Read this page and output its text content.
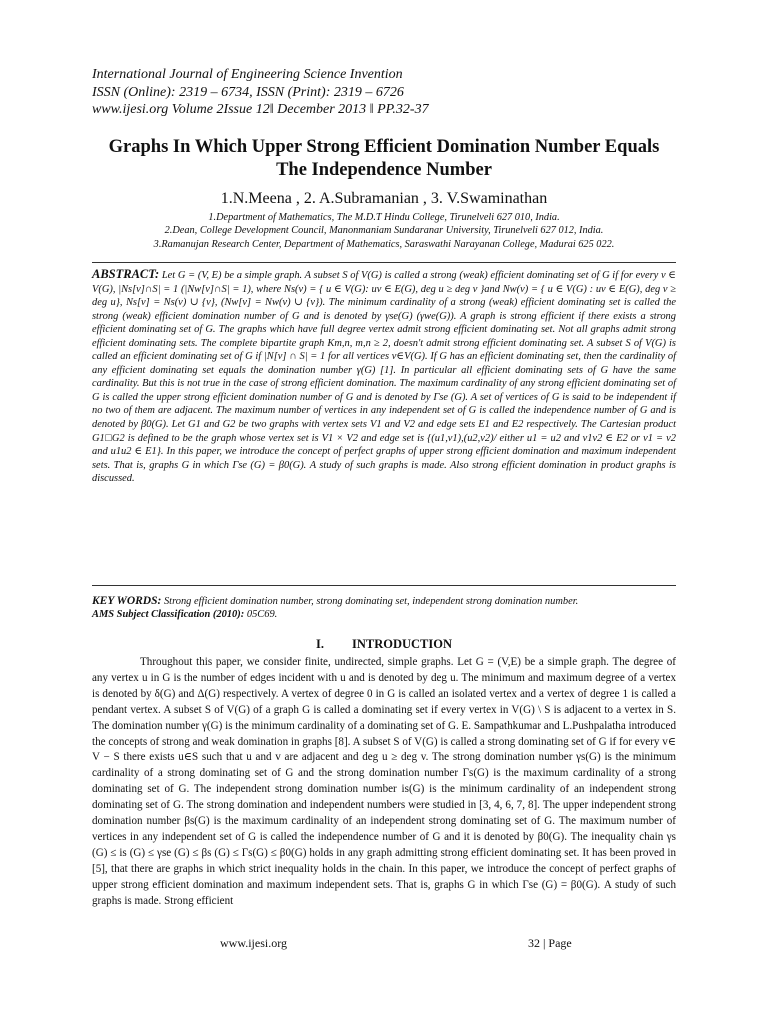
International Journal of Engineering Science Invention
ISSN (Online): 2319 – 6734, ISSN (Print): 2319 – 6726
www.ijesi.org Volume 2Issue 12‖ December 2013 ‖ PP.32-37
Graphs In Which Upper Strong Efficient Domination Number Equals The Independence Number
1.N.Meena , 2. A.Subramanian , 3. V.Swaminathan
1.Department of Mathematics, The M.D.T Hindu College, Tirunelveli 627 010, India.
2.Dean, College Development Council, Manonmaniam Sundaranar University, Tirunelveli 627 012, India.
3.Ramanujan Research Center, Department of Mathematics, Saraswathi Narayanan College, Madurai 625 022.
ABSTRACT: Let G = (V, E) be a simple graph. A subset S of V(G) is called a strong (weak) efficient dominating set of G if for every v ∈ V(G), |Ns[v]∩S| = 1 (|Nw[v]∩S| = 1), where Ns(v) = { u ∈ V(G): uv ∈ E(G), deg u ≥ deg v }and Nw(v) = { u ∈ V(G) : uv ∈ E(G), deg v ≥ deg u}, Ns[v] = Ns(v) ∪ {v}, (Nw[v] = Nw(v) ∪ {v}). The minimum cardinality of a strong (weak) efficient dominating set is called the strong (weak) efficient domination number of G and is denoted by γse(G) (γwe(G)). A graph is strong efficient if there exists a strong efficient dominating set of G. The graphs which have full degree vertex admit strong efficient dominating set. Not all graphs admit strong efficient dominating sets. The complete bipartite graph Km,n, m,n ≥ 2, doesn't admit strong efficient dominating set. A subset S of V(G) is called an efficient dominating set of G if |N[v] ∩ S| = 1 for all vertices v∈V(G). If G has an efficient dominating set, then the cardinality of any efficient dominating set equals the domination number γ(G) [1]. In particular all efficient dominating sets of G have the same cardinality. But this is not true in the case of strong efficient domination. The maximum cardinality of any strong efficient dominating set of G is called the upper strong efficient domination number of G and is denoted by Γse (G). A set of vertices of G is said to be independent if no two of them are adjacent. The maximum number of vertices in any independent set of G is called the independence number of G and is denoted by β0(G). Let G1 and G2 be two graphs with vertex sets V1 and V2 and edge sets E1 and E2 respectively. The Cartesian product G1□G2 is defined to be the graph whose vertex set is V1 × V2 and edge set is {(u1,v1),(u2,v2)/ either u1 = u2 and v1v2 ∈ E2 or v1 = v2 and u1u2 ∈ E1}. In this paper, we introduce the concept of perfect graphs of upper strong efficient domination and maximum independent sets. That is, graphs G in which Γse (G) = β0(G). A study of such graphs is made. Also strong efficient domination in product graphs is discussed.
KEY WORDS: Strong efficient domination number, strong dominating set, independent strong domination number.
AMS Subject Classification (2010): 05C69.
I. INTRODUCTION

Throughout this paper, we consider finite, undirected, simple graphs. Let G = (V,E) be a simple graph. The degree of any vertex u in G is the number of edges incident with u and is denoted by deg u. The minimum and maximum degree of a vertex is denoted by δ(G) and Δ(G) respectively. A vertex of degree 0 in G is called an isolated vertex and a vertex of degree 1 is called a pendant vertex. A subset S of V(G) of a graph G is called a dominating set if every vertex in V(G) \ S is adjacent to a vertex in S. The domination number γ(G) is the minimum cardinality of a dominating set of G. E. Sampathkumar and L.Pushpalatha introduced the concepts of strong and weak domination in graphs [8]. A subset S of V(G) is called a strong dominating set of G if for every v∈ V − S there exists u∈S such that u and v are adjacent and deg u ≥ deg v. The strong domination number γs(G) is the minimum cardinality of a strong dominating set of G and the strong domination number Γs(G) is the maximum cardinality of a strong dominating set of G. The independent strong domination number is(G) is the minimum cardinality of an independent strong dominating set of G. The strong domination and independent numbers were studied in [3, 4, 6, 7, 8]. The upper independent strong domination number βs(G) is the maximum cardinality of an independent strong dominating set of G. The maximum number of vertices in any independent set of G is called the independence number of G and it is denoted by β0(G). The inequality chain γs (G) ≤ is (G) ≤ γse (G) ≤ βs (G) ≤ Γs(G) ≤ β0(G) holds in any graph admitting strong efficient dominating set. It has been proved in [5], that there are graphs in which strict inequality holds in the chain. In this paper, we introduce the concept of perfect graphs of upper strong efficient domination and maximum independent sets. That is, graphs G in which Γse (G) = β0(G). A study of such graphs is made. Strong efficient

www.ijesi.org	32 | Page
